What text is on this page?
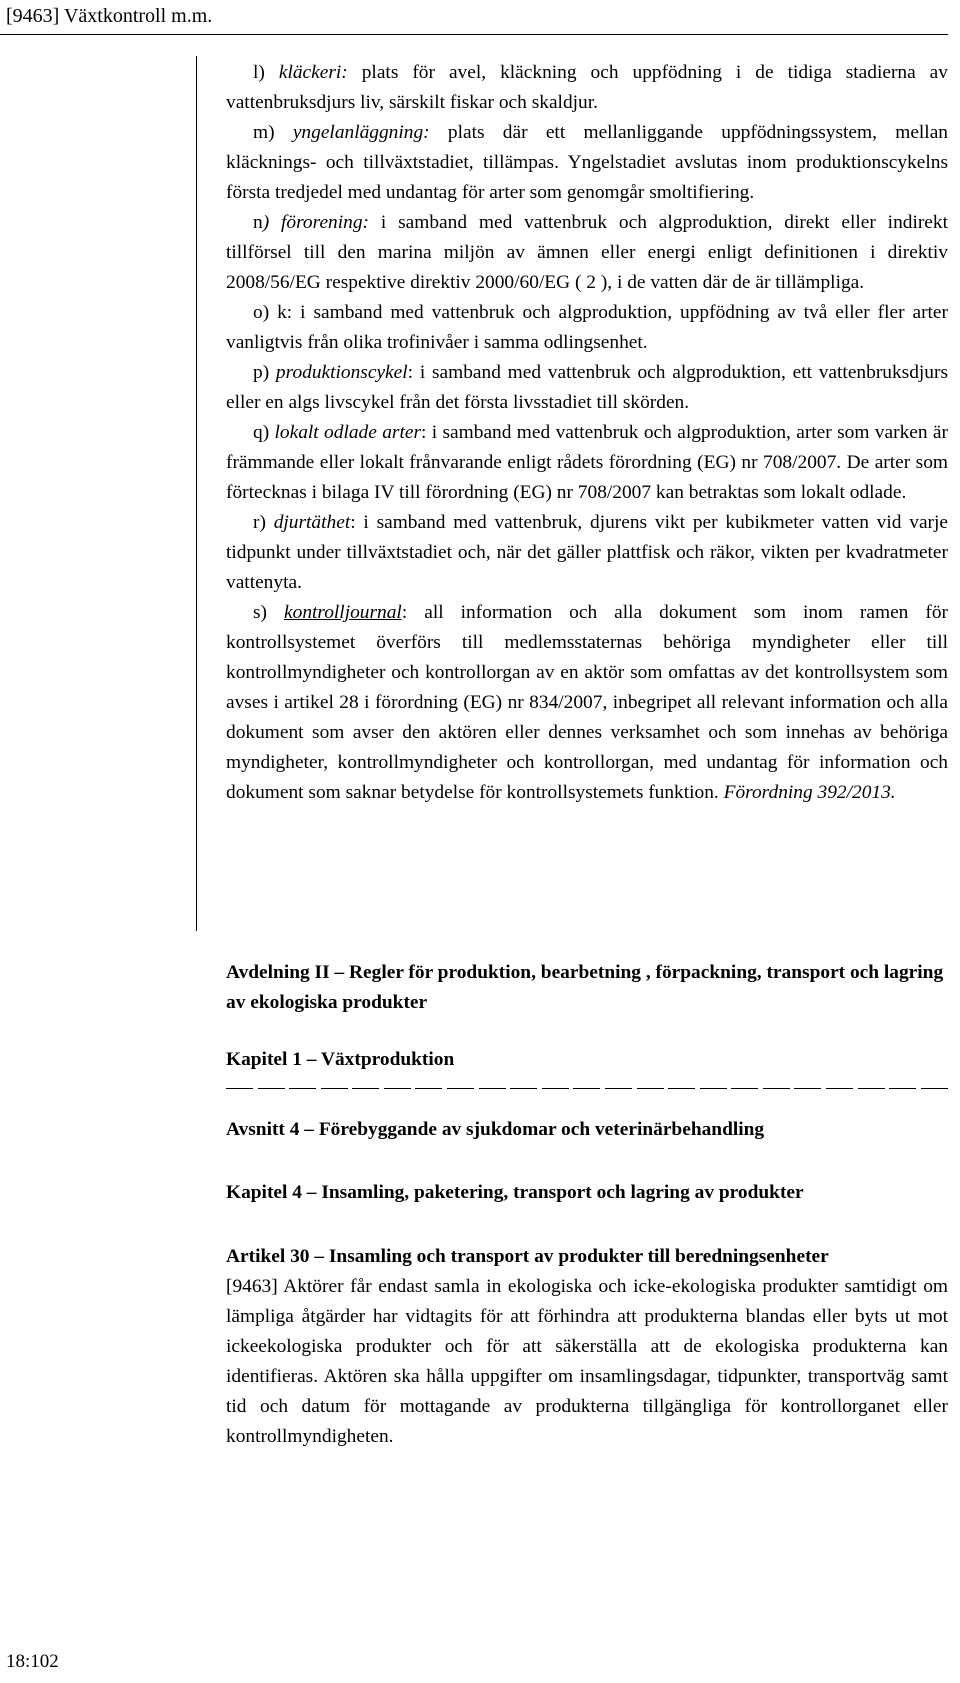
[9463] Växtkontroll m.m.

l) kläckeri: plats för avel, kläckning och uppfödning i de tidiga stadierna av vattenbruksdjurs liv, särskilt fiskar och skaldjur.

m) yngelanläggning: plats där ett mellanliggande uppfödningssystem, mellan kläcknings- och tillväxtstadiet, tillämpas. Yngelstadiet avslutas inom produktionscykelns första tredjedel med undantag för arter som genomgår smoltifiering.

n) förorening: i samband med vattenbruk och algproduktion, direkt eller indirekt tillförsel till den marina miljön av ämnen eller energi enligt definitionen i direktiv 2008/56/EG respektive direktiv 2000/60/EG ( 2 ), i de vatten där de är tillämpliga.

o) k: i samband med vattenbruk och algproduktion, uppfödning av två eller fler arter vanligtvis från olika trofinivåer i samma odlingsenhet.

p) produktionscykel: i samband med vattenbruk och algproduktion, ett vattenbruksdjurs eller en algs livscykel från det första livsstadiet till skörden.

q) lokalt odlade arter: i samband med vattenbruk och algproduktion, arter som varken är främmande eller lokalt frånvarande enligt rådets förordning (EG) nr 708/2007. De arter som förtecknas i bilaga IV till förordning (EG) nr 708/2007 kan betraktas som lokalt odlade.

r) djurtäthet: i samband med vattenbruk, djurens vikt per kubikmeter vatten vid varje tidpunkt under tillväxtstadiet och, när det gäller plattfisk och räkor, vikten per kvadratmeter vattenyta.

s) kontrolljournal: all information och alla dokument som inom ramen för kontrollsystemet överförs till medlemsstaternas behöriga myndigheter eller till kontrollmyndigheter och kontrollorgan av en aktör som omfattas av det kontrollsystem som avses i artikel 28 i förordning (EG) nr 834/2007, inbegripet all relevant information och alla dokument som avser den aktören eller dennes verksamhet och som innehas av behöriga myndigheter, kontrollmyndigheter och kontrollorgan, med undantag för information och dokument som saknar betydelse för kontrollsystemets funktion. Förordning 392/2013.

Avdelning II – Regler för produktion, bearbetning , förpackning, transport och lagring av ekologiska produkter

Kapitel 1 – Växtproduktion

Avsnitt 4 – Förebyggande av sjukdomar och veterinärbehandling

Kapitel 4 – Insamling, paketering, transport och lagring av produkter

Artikel 30 – Insamling och transport av produkter till beredningsenheter

[9463] Aktörer får endast samla in ekologiska och icke-ekologiska produkter samtidigt om lämpliga åtgärder har vidtagits för att förhindra att produkterna blandas eller byts ut mot ickeekologiska produkter och för att säkerställa att de ekologiska produkterna kan identifieras. Aktören ska hålla uppgifter om insamlingsdagar, tidpunkter, transportväg samt tid och datum för mottagande av produkterna tillgängliga för kontrollorganet eller kontrollmyndigheten.

18:102
